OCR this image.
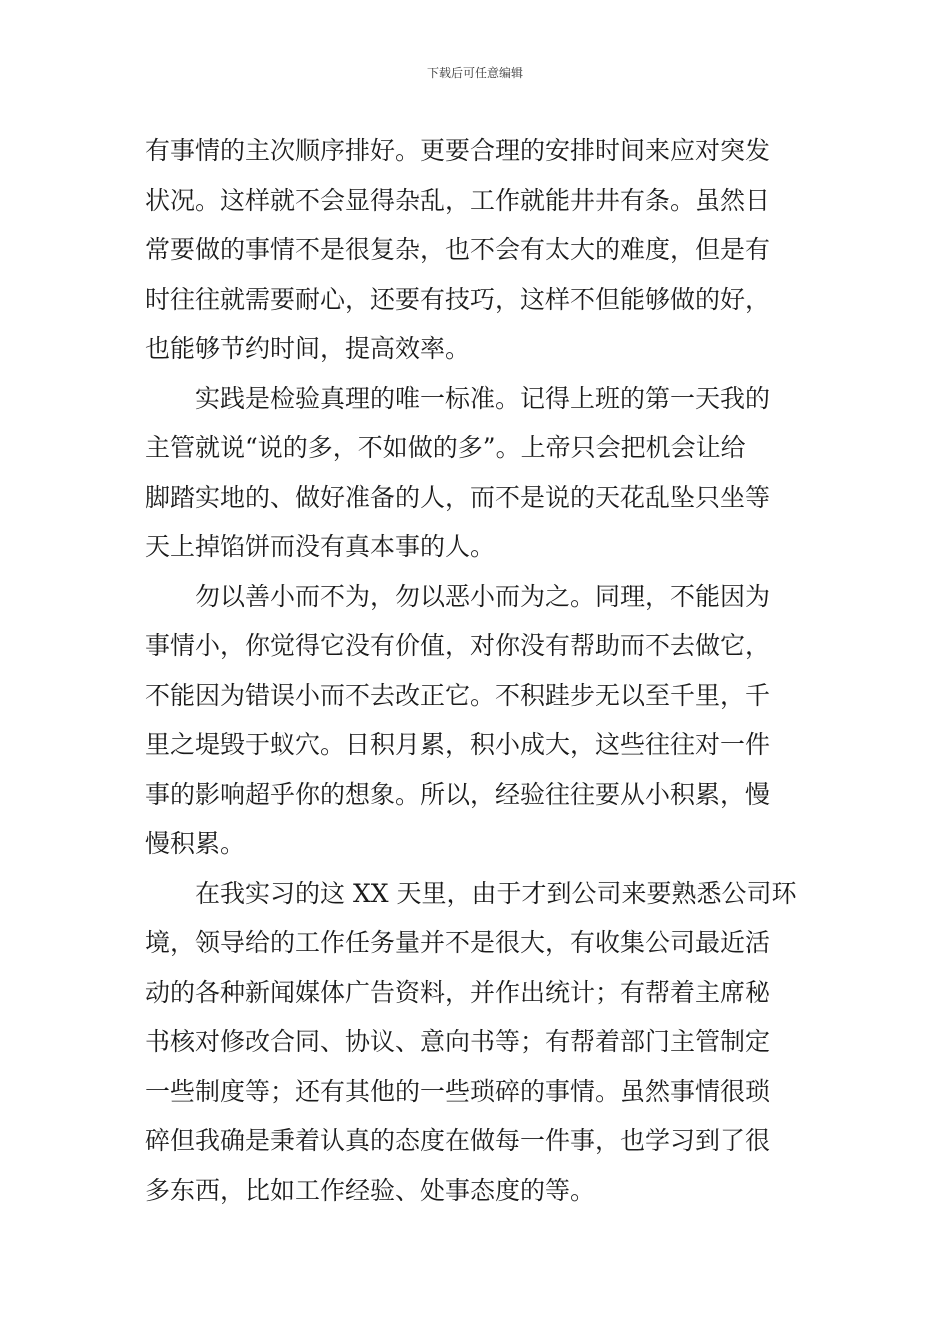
下载后可任意编辑
有事情的主次顺序排好。更要合理的安排时间来应对突发
状况。这样就不会显得杂乱，工作就能井井有条。虽然日
常要做的事情不是很复杂，也不会有太大的难度，但是有
时往往就需要耐心，还要有技巧，这样不但能够做的好，
也能够节约时间，提高效率。
实践是检验真理的唯一标准。记得上班的第一天我的
主管就说“说的多，不如做的多”。上帝只会把机会让给
脚踏实地的、做好准备的人，而不是说的天花乱坠只坐等
天上掉馅饼而没有真本事的人。
勿以善小而不为，勿以恶小而为之。同理，不能因为
事情小，你觉得它没有价值，对你没有帮助而不去做它，
不能因为错误小而不去改正它。不积跬步无以至千里，千
里之堤毁于蚁穴。日积月累，积小成大，这些往往对一件
事的影响超乎你的想象。所以，经验往往要从小积累，慢
慢积累。
在我实习的这 XX 天里，由于才到公司来要熟悉公司环
境，领导给的工作任务量并不是很大，有收集公司最近活
动的各种新闻媒体广告资料，并作出统计；有帮着主席秘
书核对修改合同、协议、意向书等；有帮着部门主管制定
一些制度等；还有其他的一些琐碎的事情。虽然事情很琐
碎但我确是秉着认真的态度在做每一件事，也学习到了很
多东西，比如工作经验、处事态度的等。
